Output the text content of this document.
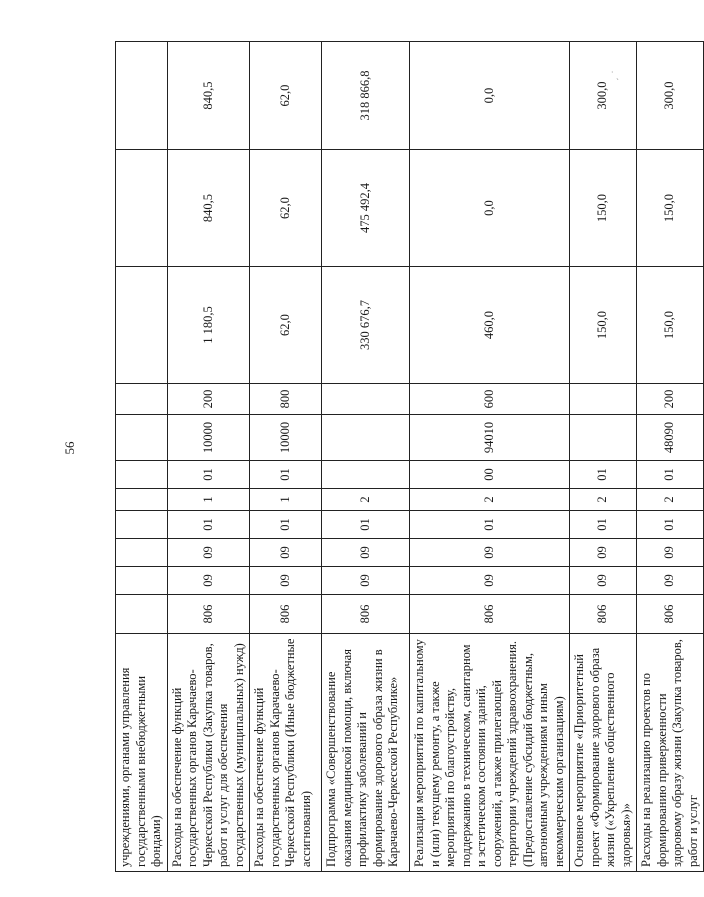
56
˙ ˏ
учреждениями, органами управления государственными внебюджетными фондами)											
Расходы на обеспечение функций государственных органов Карачаево-Черкесской Республики (Закупка товаров, работ и услуг для обеспечения государственных (муниципальных) нужд)	806	09	09	01	1	01	10000	200	1 180,5	840,5	840,5
Расходы на обеспечение функций государственных органов Карачаево-Черкесской Республики (Иные бюджетные ассигнования)	806	09	09	01	1	01	10000	800	62,0	62,0	62,0
Подпрограмма «Совершенствование оказания медицинской помощи, включая профилактику заболеваний и формирование здорового образа жизни в Карачаево-Черкесской Республике»	806	09	09	01	2				330 676,7	475 492,4	318 866,8
Реализация мероприятий по капитальному и (или) текущему ремонту, а также мероприятий по благоустройству, поддержанию в техническом, санитарном и эстетическом состоянии зданий, сооружений, а также прилегающей территории учреждений здравоохранения. (Предоставление субсидий бюджетным, автономным учреждениям и иным некоммерческим организациям)	806	09	09	01	2	00	94010	600	460,0	0,0	0,0
Основное мероприятие «Приоритетный проект «Формирование здорового образа жизни («Укрепление общественного здоровья»)»	806	09	09	01	2	01			150,0	150,0	300,0
Расходы на реализацию проектов по формированию приверженности здоровому образу жизни (Закупка товаров, работ и услуг	806	09	09	01	2	01	48090	200	150,0	150,0	300,0
